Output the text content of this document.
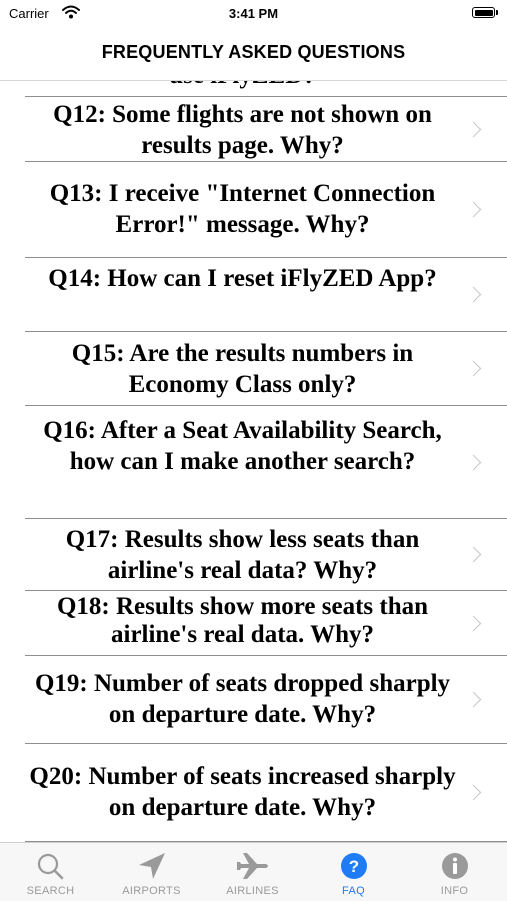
Carrier	3:41 PM
FREQUENTLY ASKED QUESTIONS
Q12: Some flights are not shown on results page. Why?
Q13: I receive "Internet Connection Error!" message. Why?
Q14: How can I reset iFlyZED App?
Q15: Are the results numbers in Economy Class only?
Q16: After a Seat Availability Search, how can I make another search?
Q17: Results show less seats than airline's real data? Why?
Q18: Results show more seats than airline's real data. Why?
Q19: Number of seats dropped sharply on departure date. Why?
Q20: Number of seats increased sharply on departure date. Why?
SEARCH	AIRPORTS	AIRLINES
?
FAQ	INFO
